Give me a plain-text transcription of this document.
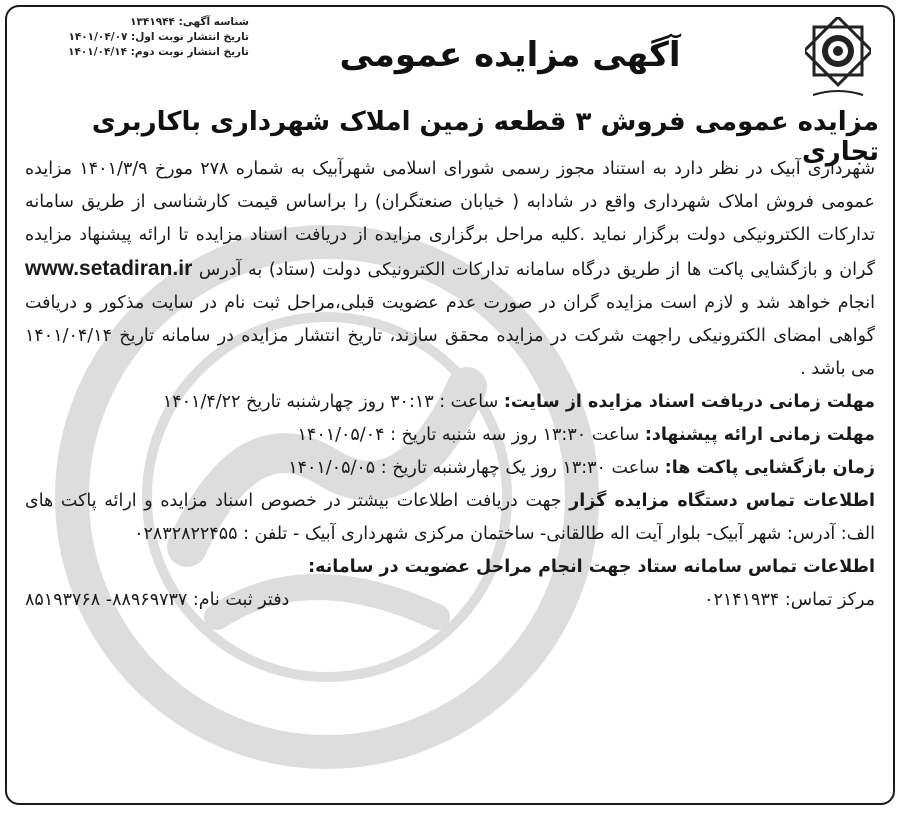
شناسه آگهی: ۱۳۴۱۹۴۴
تاریخ انتشار نوبت اول: ۱۴۰۱/۰۴/۰۷
تاریخ انتشار نوبت دوم: ۱۴۰۱/۰۴/۱۴	آگهی مزایده عمومی
مزایده عمومی فروش ۳ قطعه زمین املاک شهرداری باکاربری تجاری

شهرداری آبیک در نظر دارد به استناد مجوز رسمی شورای اسلامی شهرآبیک به شماره ۲۷۸ مورخ ۱۴۰۱/۳/۹ مزایده عمومی فروش املاک شهرداری واقع در شادابه ( خیابان صنعتگران) را براساس قیمت کارشناسی از طریق سامانه تدارکات الکترونیکی دولت برگزار نماید .کلیه مراحل برگزاری مزایده از دریافت اسناد مزایده تا ارائه پیشنهاد مزایده گران و بازگشایی پاکت ها از طریق درگاه سامانه تدارکات الکترونیکی دولت (ستاد) به آدرس www.setadiran.ir انجام خواهد شد و لازم است مزایده گران در صورت عدم عضویت قبلی،مراحل ثبت نام در سایت مذکور و دریافت گواهی امضای الکترونیکی راجهت شرکت در مزایده محقق سازند، تاریخ انتشار مزایده در سامانه تاریخ ۱۴۰۱/۰۴/۱۴ می باشد .

مهلت زمانی دریافت اسناد مزایده از سایت: ساعت : ۳۰:۱۳ روز چهارشنبه تاریخ ۱۴۰۱/۴/۲۲

مهلت زمانی ارائه پیشنهاد: ساعت ۱۳:۳۰ روز سه شنبه تاریخ : ۱۴۰۱/۰۵/۰۴

زمان بازگشایی پاکت ها: ساعت ۱۳:۳۰ روز یک چهارشنبه تاریخ : ۱۴۰۱/۰۵/۰۵

اطلاعات تماس دستگاه مزایده گزار جهت دریافت اطلاعات بیشتر در خصوص اسناد مزایده و ارائه پاکت های الف: آدرس: شهر آبیک- بلوار آیت اله طالقانی- ساختمان مرکزی شهرداری آبیک - تلفن : ۰۲۸۳۲۸۲۲۴۵۵

اطلاعات تماس سامانه ستاد جهت انجام مراحل عضویت در سامانه:

مرکز تماس: ۰۲۱۴۱۹۳۴
دفتر ثبت نام: ۸۸۹۶۹۷۳۷- ۸۵۱۹۳۷۶۸
